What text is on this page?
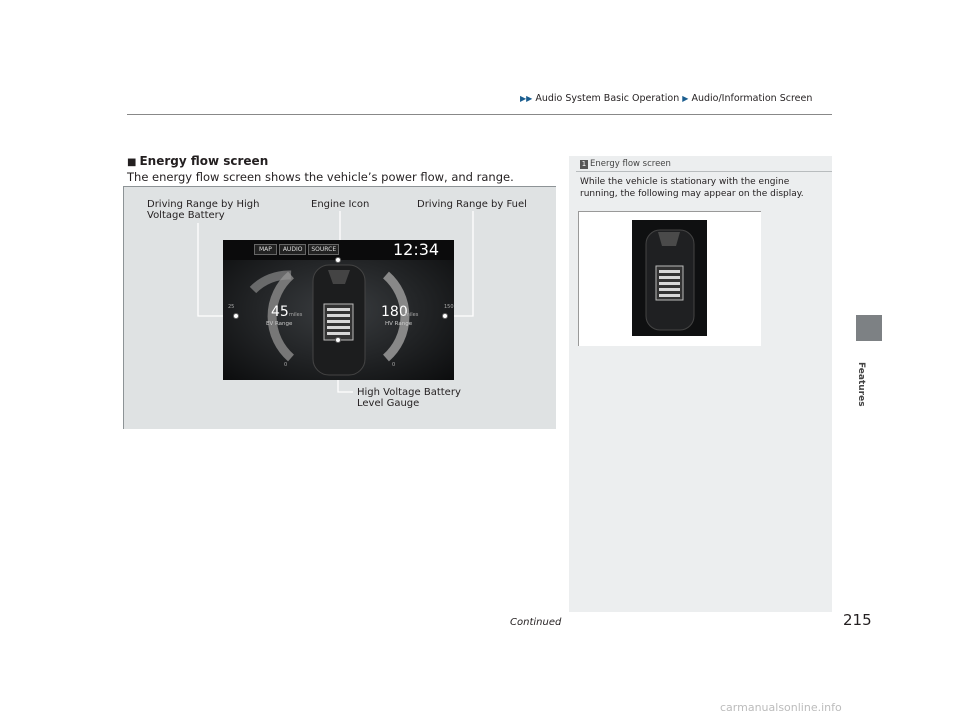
▶▶ Audio System Basic Operation ▶ Audio/Information Screen
Features
■ Energy flow screen
The energy flow screen shows the vehicle’s power flow, and range.
Driving Range by High
Voltage Battery
Engine Icon	Driving Range by Fuel
High Voltage Battery
Level Gauge
MAP AUDIO SOURCE	12:34
45 miles
EV Range
180
miles
HV Range
25
0
150
0
1 Energy flow screen
While the vehicle is stationary with the engine running, the following may appear on the display.
Continued	215
carmanualsonline.info
